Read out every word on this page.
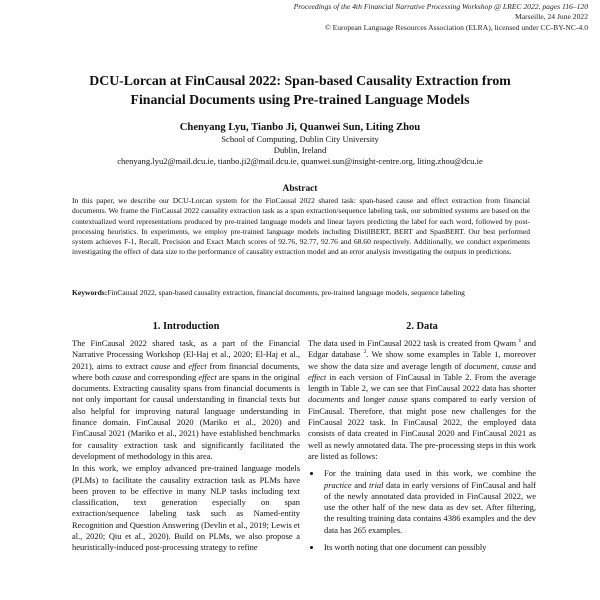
Proceedings of the 4th Financial Narrative Processing Workshop @ LREC 2022, pages 116–120
Marseille, 24 June 2022
© European Language Resources Association (ELRA), licensed under CC-BY-NC-4.0
DCU-Lorcan at FinCausal 2022: Span-based Causality Extraction from
Financial Documents using Pre-trained Language Models
Chenyang Lyu, Tianbo Ji, Quanwei Sun, Liting Zhou
School of Computing, Dublin City University
Dublin, Ireland
chenyang.lyu2@mail.dcu.ie, tianbo.ji2@mail.dcu.ie, quanwei.sun@insight-centre.org, liting.zhou@dcu.ie
Abstract
In this paper, we describe our DCU-Lorcan system for the FinCausal 2022 shared task: span-based cause and effect extraction from financial documents. We frame the FinCausal 2022 causality extraction task as a span extraction/sequence labeling task, our submitted systems are based on the contextualized word representations produced by pre-trained language models and linear layers predicting the label for each word, followed by post-processing heuristics. In experiments, we employ pre-trained language models including DistilBERT, BERT and SpanBERT. Our best performed system achieves F-1, Recall, Precision and Exact Match scores of 92.76, 92.77, 92.76 and 68.60 respectively. Additionally, we conduct experiments investigating the effect of data size to the performance of causality extraction model and an error analysis investigating the outputs in predictions.
Keywords:FinCausal 2022, span-based causality extraction, financial documents, pre-trained language models, sequence labeling
1. Introduction

The FinCausal 2022 shared task, as a part of the Financial Narrative Processing Workshop (El-Haj et al., 2020; El-Haj et al., 2021), aims to extract cause and effect from financial documents, where both cause and corresponding effect are spans in the original documents. Extracting causality spans from financial documents is not only important for causal understanding in financial texts but also helpful for improving natural language understanding in finance domain. FinCausal 2020 (Mariko et al., 2020) and FinCausal 2021 (Mariko et al., 2021) have established benchmarks for causality extraction task and significantly facilitated the development of methodology in this area.

In this work, we employ advanced pre-trained language models (PLMs) to facilitate the causality extraction task as PLMs have been proven to be effective in many NLP tasks including text classification, text generation especially on span extraction/sequence labeling task such as Named-entity Recognition and Question Answering (Devlin et al., 2019; Lewis et al., 2020; Qiu et al., 2020). Build on PLMs, we also propose a heuristically-induced post-processing strategy to refine

2. Data

The data used in FinCausal 2022 task is created from Qwam $^1$ and Edgar database $^2$. We show some examples in Table 1, moreover we show the data size and average length of document, cause and effect in each version of FinCausal in Table 2. From the average length in Table 2, we can see that FinCausal 2022 data has shorter documents and longer cause spans compared to early version of FinCausal. Therefore, that might pose new challenges for the FinCausal 2022 task. In FinCausal 2022, the employed data consists of data created in FinCausal 2020 and FinCausal 2021 as well as newly annotated data. The pre-processing steps in this work are listed as follows:

• For the training data used in this work, we combine the practice and trial data in early versions of FinCausal and half of the newly annotated data provided in FinCausal 2022, we use the other half of the new data as dev set. After filtering, the resulting training data contains 4386 examples and the dev data has 265 examples.
• Its worth noting that one document can possibly
